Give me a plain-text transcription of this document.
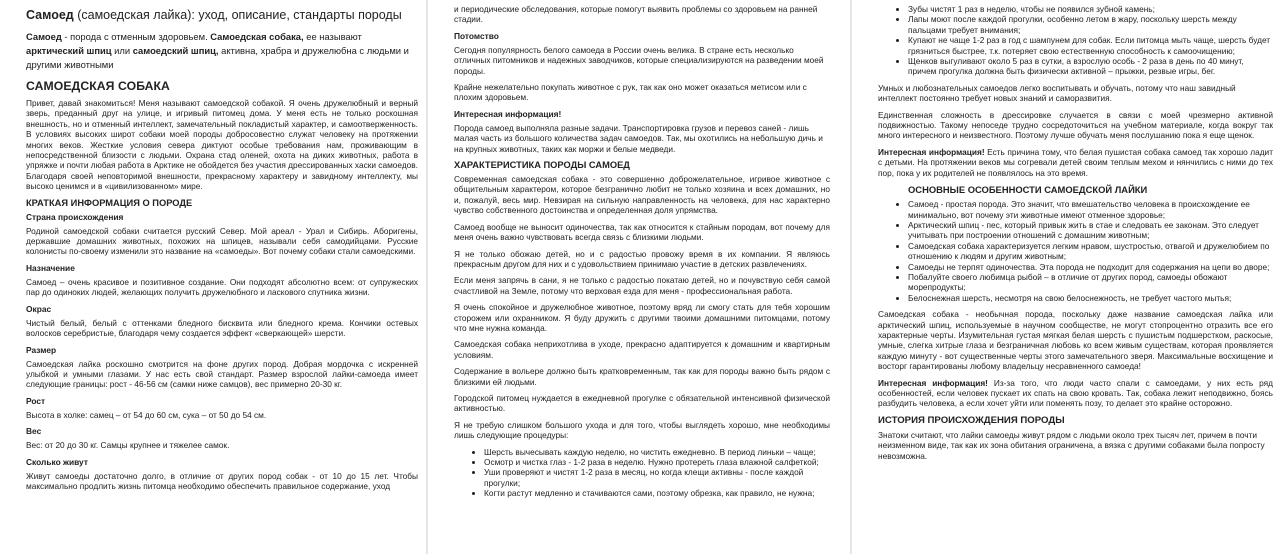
Самоед (самоедская лайка): уход, описание, стандарты породы

Самоед - порода с отменным здоровьем. Самоедская собака, ее называют арктический шпиц или самоедский шпиц, активна, храбра и дружелюбна с людьми и другими животными

САМОЕДСКАЯ СОБАКА

Привет, давай знакомиться! Меня называют самоедской собакой. Я очень дружелюбный и верный зверь, преданный друг на улице, и игривый питомец дома. У меня есть не только роскошная внешность, но и отменный интеллект, замечательный покладистый характер, и самоотверженность. В условиях высоких широт собаки моей породы добросовестно служат человеку на протяжении многих веков. Жесткие условия севера диктуют особые требования нам, проживающим в непосредственной близости с людьми. Охрана стад оленей, охота на диких животных, работа в упряжке и почти любая работа в Арктике не обойдется без участия дрессированных хаски самоедов. Благодаря своей неповторимой внешности, прекрасному характеру и завидному интеллекту, мы высоко ценимся и в «цивилизованном» мире.

КРАТКАЯ ИНФОРМАЦИЯ О ПОРОДЕ
Страна происхождения

Родиной самоедской собаки считается русский Север. Мой ареал - Урал и Сибирь. Аборигены, державшие домашних животных, похожих на шпицев, называли себя самодийцами. Русские колонисты по-своему изменили это название на «самоеды». Вот почему собаки стали самоедскими.

Назначение

Самоед – очень красивое и позитивное создание. Они подходят абсолютно всем: от супружеских пар до одиноких людей, желающих получить дружелюбного и ласкового спутника жизни.

Окрас

Чистый белый, белый с оттенками бледного бисквита или бледного крема. Кончики остевых волосков серебристые, благодаря чему создается эффект «сверкающей» шерсти.

Размер

Самоедская лайка роскошно смотрится на фоне других пород. Добрая мордочка с искренней улыбкой и умными глазами. У нас есть свой стандарт. Размер взрослой лайки-самоеда имеет следующие границы: рост - 46-56 см (самки ниже самцов), вес примерно 20-30 кг.

Рост

Высота в холке: самец – от 54 до 60 см, сука – от 50 до 54 см.

Вес

Вес: от 20 до 30 кг. Самцы крупнее и тяжелее самок.

Сколько живут

Живут самоеды достаточно долго, в отличие от других пород собак - от 10 до 15 лет. Чтобы максимально продлить жизнь питомца необходимо обеспечить правильное содержание, уход

и периодические обследования, которые помогут выявить проблемы со здоровьем на ранней стадии.

Потомство

Сегодня популярность белого самоеда в России очень велика. В стране есть несколько отличных питомников и надежных заводчиков, которые специализируются на разведении моей породы.

Крайне нежелательно покупать животное с рук, так как оно может оказаться метисом или с плохим здоровьем.

Интересная информация!

Порода самоед выполняла разные задачи. Транспортировка грузов и перевоз саней - лишь малая часть из большого количества задач самоедов. Так, мы охотились на небольшую дичь и на крупных животных, таких как моржи и белые медведи.

ХАРАКТЕРИСТИКА ПОРОДЫ САМОЕД

Современная самоедская собака - это совершенно доброжелательное, игривое животное с общительным характером, которое безгранично любит не только хозяина и всех домашних, но и, пожалуй, весь мир. Невзирая на сильную направленность на человека, для нас характерно чувство собственного достоинства и определенная доля упрямства.

Самоед вообще не выносит одиночества, так как относится к стайным породам, вот почему для меня очень важно чувствовать всегда связь с близкими людьми.

Я не только обожаю детей, но и с радостью провожу время в их компании. Я являюсь прекрасным другом для них и с удовольствием принимаю участие в детских развлечениях.

Если меня запрячь в сани, я не только с радостью покатаю детей, но и почувствую себя самой счастливой на Земле, потому что верховая езда для меня - профессиональная работа.

Я очень спокойное и дружелюбное животное, поэтому вряд ли смогу стать для тебя хорошим сторожем или охранником. Я буду дружить с другими твоими домашними питомцами, потому что мне нужна команда.

Самоедская собака неприхотлива в уходе, прекрасно адаптируется к домашним и квартирным условиям.

Содержание в вольере должно быть кратковременным, так как для породы важно быть рядом с близкими ей людьми.

Городской питомец нуждается в ежедневной прогулке с обязательной интенсивной физической активностью.

Я не требую слишком большого ухода и для того, чтобы выглядеть хорошо, мне необходимы лишь следующие процедуры:

• Шерсть вычесывать каждую неделю, но чистить ежедневно. В период линьки – чаще;
• Осмотр и чистка глаз - 1-2 раза в неделю. Нужно протереть глаза влажной салфеткой;
• Уши проверяют и чистят 1-2 раза в месяц, но когда клещи активны - после каждой прогулки;
• Когти растут медленно и стачиваются сами, поэтому обрезка, как правило, не нужна;
• Зубы чистят 1 раз в неделю, чтобы не появился зубной камень;
• Лапы моют после каждой прогулки, особенно летом в жару, поскольку шерсть между пальцами требует внимания;
• Купают не чаще 1-2 раз в год с шампунем для собак. Если питомца мыть чаще, шерсть будет грязниться быстрее, т.к. потеряет свою естественную способность к самоочищению;
• Щенков выгуливают около 5 раз в сутки, а взрослую особь - 2 раза в день по 40 минут, причем прогулка должна быть физически активной – прыжки, резвые игры, бег.

Умных и любознательных самоедов легко воспитывать и обучать, потому что наш завидный интеллект постоянно требует новых знаний и саморазвития.

Единственная сложность в дрессировке случается в связи с моей чрезмерно активной подвижностью. Такому непоседе трудно сосредоточиться на учебном материале, когда вокруг так много интересного и неизвестного. Поэтому лучше обучать меня послушанию пока я еще щенок.

Интересная информация! Есть причина тому, что белая пушистая собака самоед так хорошо ладит с детьми. На протяжении веков мы согревали детей своим теплым мехом и нянчились с ними до тех пор, пока у их родителей не появлялось на это время.

ОСНОВНЫЕ ОСОБЕННОСТИ САМОЕДСКОЙ ЛАЙКИ
• Самоед - простая порода. Это значит, что вмешательство человека в происхождение ее минимально, вот почему эти животные имеют отменное здоровье;
• Арктический шпиц - пес, который привык жить в стае и следовать ее законам. Это следует учитывать при построении отношений с домашним животным;
• Самоедская собака характеризуется легким нравом, шустростью, отвагой и дружелюбием по отношению к людям и другим животным;
• Самоеды не терпят одиночества. Эта порода не подходит для содержания на цепи во дворе;
• Побалуйте своего любимца рыбой – в отличие от других пород, самоеды обожают морепродукты;
• Белоснежная шерсть, несмотря на свою белоснежность, не требует частого мытья;

Самоедская собака - необычная порода, поскольку даже название самоедская лайка или арктический шпиц, используемые в научном сообществе, не могут стопроцентно отразить все его характерные черты. Изумительная густая мягкая белая шерсть с пушистым подшерстком, раскосые, умные, слегка хитрые глаза и безграничная любовь ко всем живым существам, которая проявляется каждую минуту - вот существенные черты этого замечательного зверя. Максимальные восхищение и восторг гарантированы любому владельцу несравненного самоеда!

Интересная информация! Из-за того, что люди часто спали с самоедами, у них есть ряд особенностей, если человек пускает их спать на свою кровать. Так, собака лежит неподвижно, боясь разбудить человека, а если хочет уйти или поменять позу, то делает это крайне осторожно.

ИСТОРИЯ ПРОИСХОЖДЕНИЯ ПОРОДЫ

Знатоки считают, что лайки самоеды живут рядом с людьми около трех тысяч лет, причем в почти неизменном виде, так как их зона обитания ограничена, а вязка с другими собаками была попросту невозможна.
